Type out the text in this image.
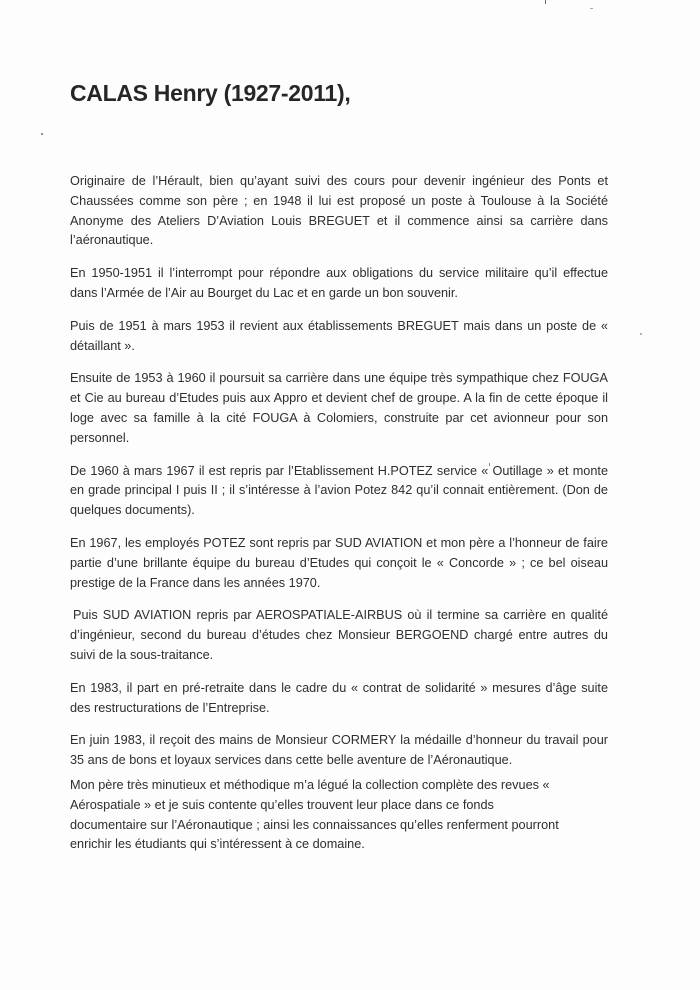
CALAS Henry (1927-2011),

Originaire de l’Hérault, bien qu’ayant suivi des cours pour devenir ingénieur des Ponts et Chaussées comme son père ; en 1948 il lui est proposé un poste à Toulouse à la Société Anonyme des Ateliers D’Aviation Louis BREGUET et il commence ainsi sa carrière dans l’aéronautique.

En 1950-1951 il l’interrompt pour répondre aux obligations du service militaire qu’il effectue dans l’Armée de l’Air au Bourget du Lac et en garde un bon souvenir.

Puis de 1951 à mars 1953 il revient aux établissements BREGUET mais dans un poste de « détaillant ».

Ensuite de 1953 à 1960 il poursuit sa carrière dans une équipe très sympathique chez FOUGA et Cie au bureau d’Etudes puis aux Appro et devient chef de groupe. A la fin de cette époque il loge avec sa famille à la cité FOUGA à Colomiers, construite par cet avionneur pour son personnel.

De 1960 à mars 1967 il est repris par l’Etablissement H.POTEZ service « Outillage » et monte en grade principal I puis II ; il s’intéresse à l’avion Potez 842 qu’il connait entièrement. (Don de quelques documents).

En 1967, les employés POTEZ sont repris par SUD AVIATION et mon père a l’honneur de faire partie d’une brillante équipe du bureau d’Etudes qui conçoit le « Concorde » ; ce bel oiseau prestige de la France dans les années 1970.

Puis SUD AVIATION repris par AEROSPATIALE-AIRBUS où il termine sa carrière en qualité d’ingénieur, second du bureau d’études chez Monsieur BERGOEND chargé entre autres du suivi de la sous-traitance.

En 1983, il part en pré-retraite dans le cadre du « contrat de solidarité » mesures d’âge suite des restructurations de l’Entreprise.

En juin 1983, il reçoit des mains de Monsieur CORMERY la médaille d’honneur du travail pour 35 ans de bons et loyaux services dans cette belle aventure de l’Aéronautique.

Mon père très minutieux et méthodique m’a légué la collection complète des revues « Aérospatiale » et je suis contente qu’elles trouvent leur place dans ce fonds documentaire sur l’Aéronautique ; ainsi les connaissances qu’elles renferment pourront enrichir les étudiants qui s’intéressent à ce domaine.
